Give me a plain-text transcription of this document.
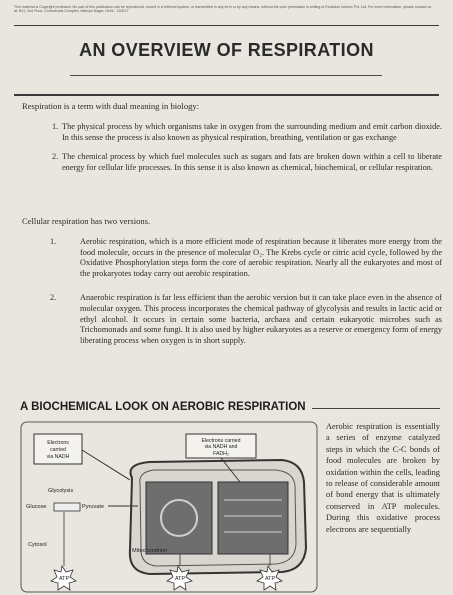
This material is Copyright protected. No part of this publication can be reproduced, stored in a retrieval system, or transmitted in any form or by any means, without the prior permission in writing of Evolution Infosec Pvt. Ltd. For more information, please contact us at: B11, 2nd Floor, Commercial Complex, Malviya Nagar, Delhi - 110017
AN OVERVIEW OF RESPIRATION
Respiration is a term with dual meaning in biology:
1. The physical process by which organisms take in oxygen from the surrounding medium and emit carbon dioxide. In this sense the process is also known as physical respiration, breathing, ventilation or gas exchange
2. The chemical process by which fuel molecules such as sugars and fats are broken down within a cell to liberate energy for cellular life processes. In this sense it is also known as chemical, biochemical, or cellular respiration.
Cellular respiration has two versions.
1.	Aerobic respiration, which is a more efficient mode of respiration because it liberates more energy from the food molecule, occurs in the presence of molecular O₂. The Krebs cycle or citric acid cycle, followed by the Oxidative Phosphorylation steps form the core of aerobic respiration. Nearly all the eukaryotes and most of the prokaryotes today carry out aerobic respiration.
2.	Anaerobic respiration is far less efficient than the aerobic version but it can take place even in the absence of molecular oxygen. This process incorporates the chemical pathway of glycolysis and results in lactic acid or ethyl alcohol. It occurs in certain some bacteria, archaea and certain eukaryotic microbes such as Trichomonads and some fungi. It is also used by higher eukaryotes as a reserve or emergency form of energy liberating process when oxygen is in short supply.
A BIOCHEMICAL LOOK ON AEROBIC RESPIRATION
Electrons
carried
via NADH
Electrons carried
via NADH and
FADH₂
Glycolysis
Glucose	Pyruvate
Cytosol
Mitochondrion
ATP	ATP	ATP
Aerobic respiration is essentially a series of enzyme catalyzed steps in which the C-C bonds of food molecules are broken by oxidation within the cells, leading to release of considerable amount of bond energy that is ultimately conserved in ATP molecules. During this oxidative process electrons are sequentially
